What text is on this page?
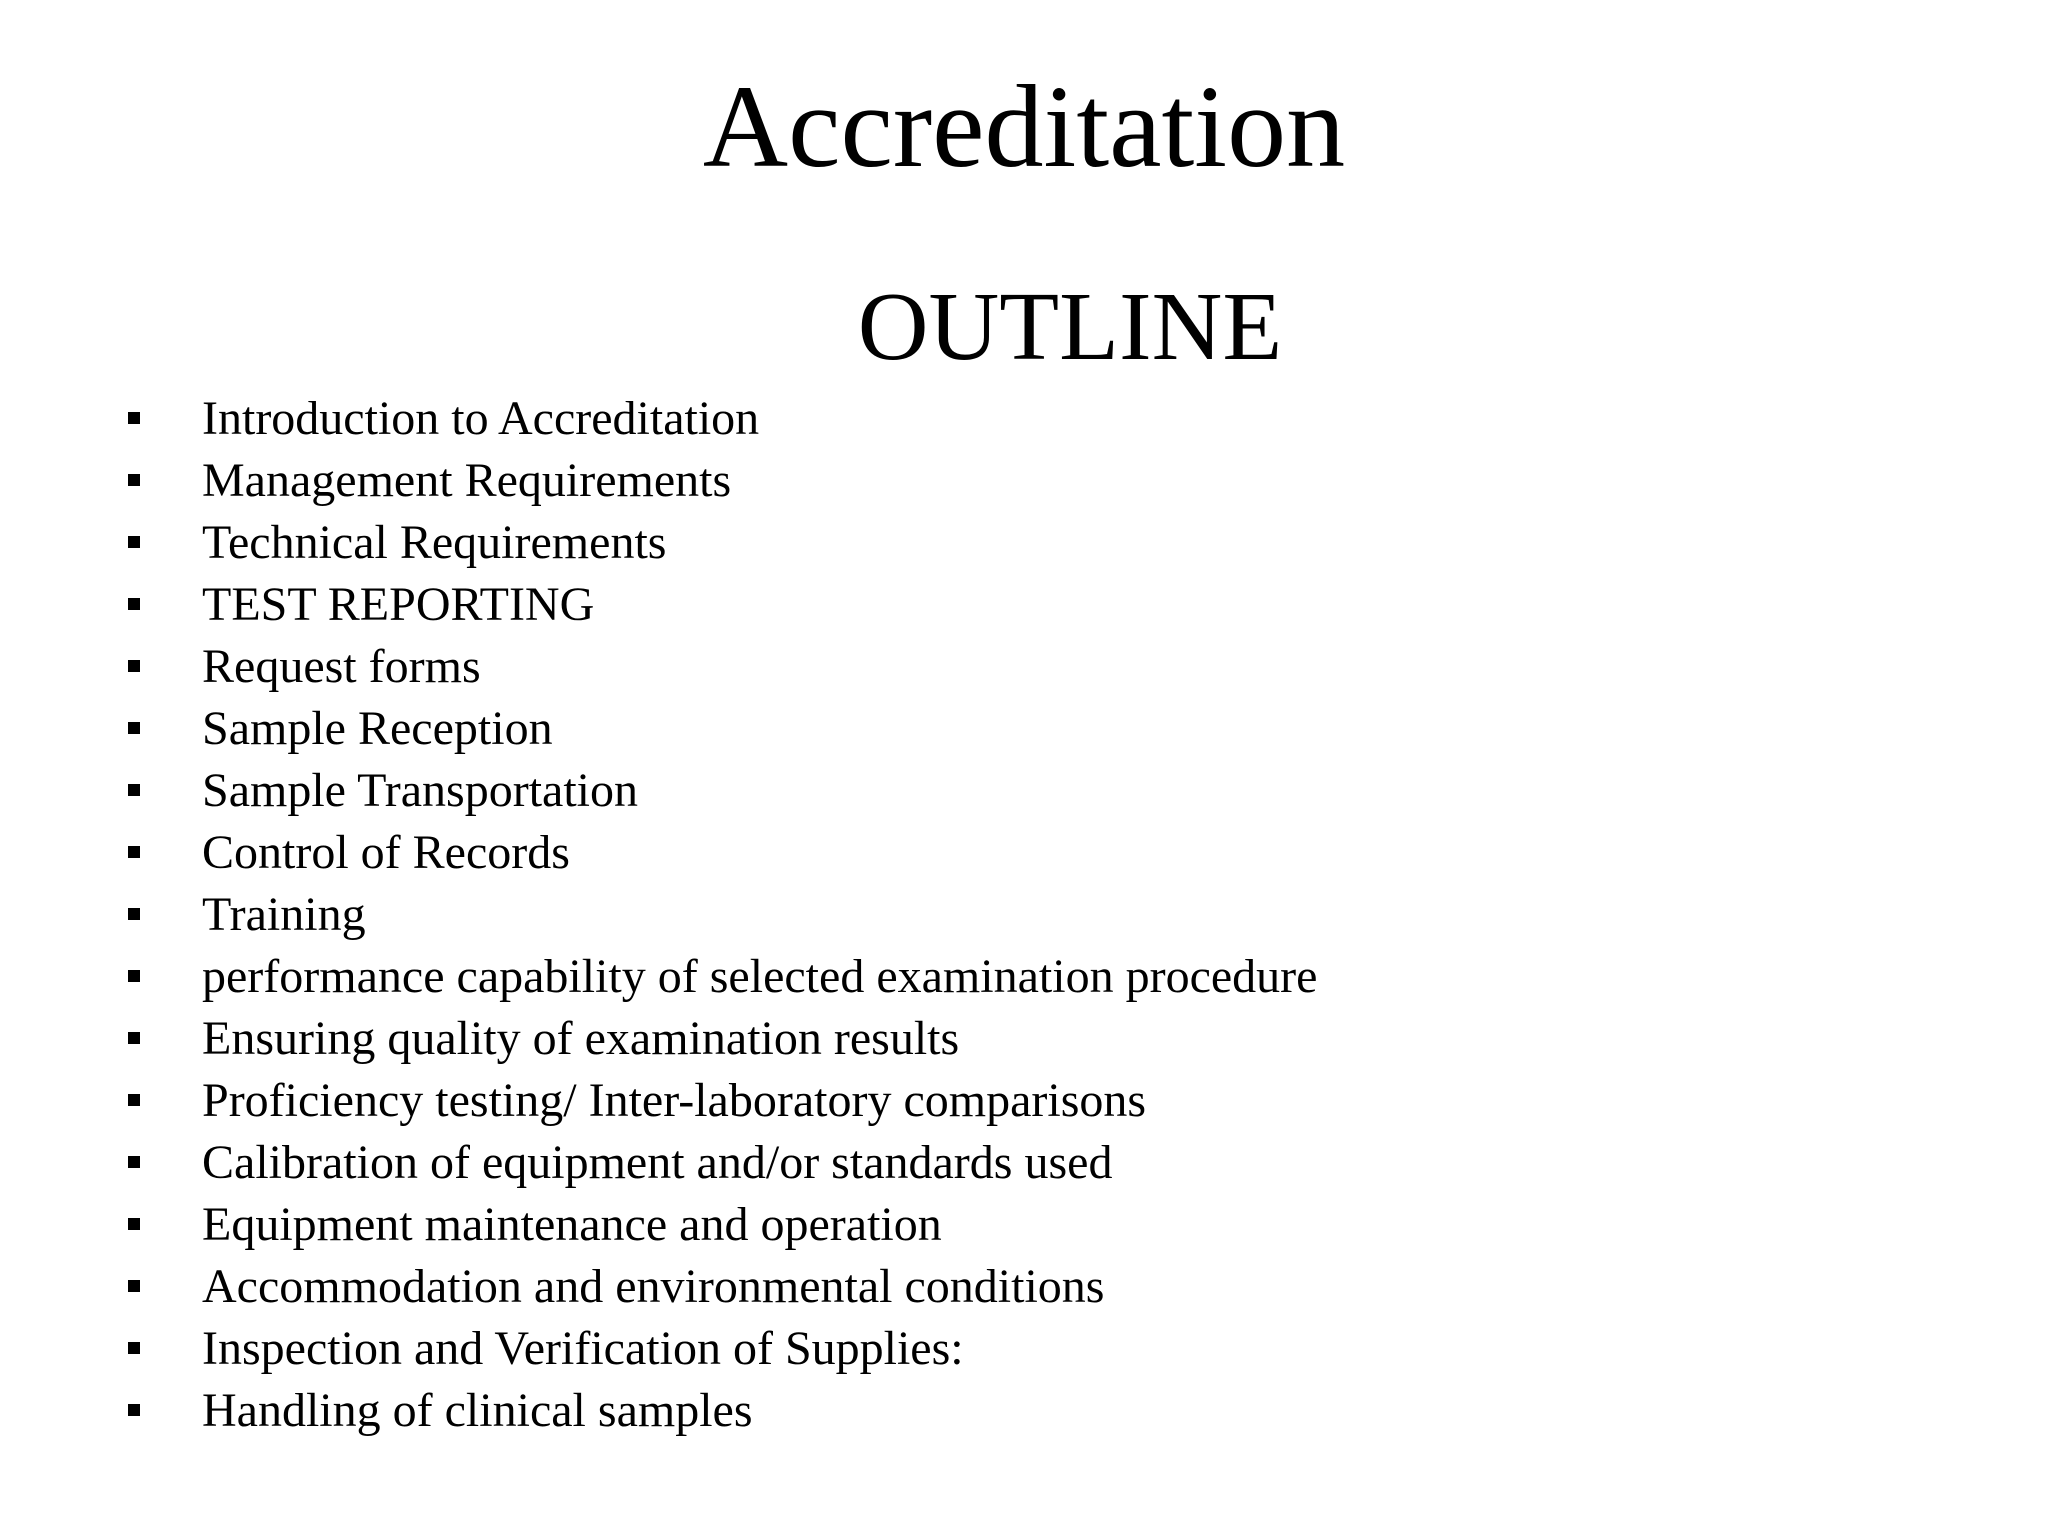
Accreditation
OUTLINE
Introduction to Accreditation
Management Requirements
Technical Requirements
TEST REPORTING
Request forms
Sample Reception
Sample Transportation
Control of Records
Training
performance capability of selected examination procedure
Ensuring quality of examination results
Proficiency testing/ Inter-laboratory comparisons
Calibration of equipment and/or standards used
Equipment maintenance and operation
Accommodation and environmental conditions
Inspection and Verification of Supplies:
Handling of clinical samples
